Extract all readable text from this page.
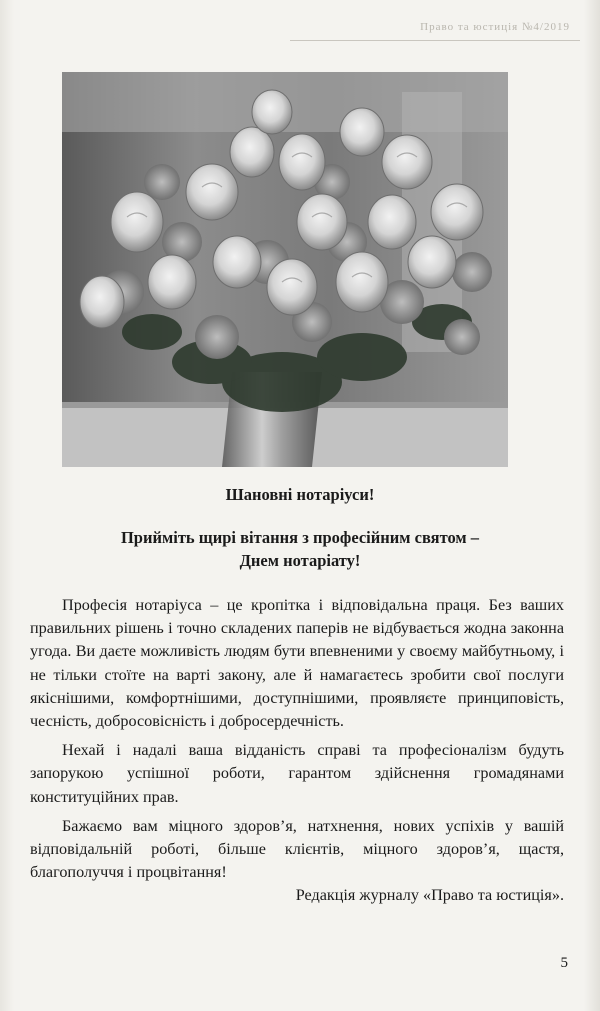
Право та юстиція №4/2019

Шановні нотаріуси!

Прийміть щирі вітання з професійним святом –

Днем нотаріату!

Професія нотаріуса – це кропітка і відповідальна праця. Без ваших правильних рішень і точно складених паперів не відбувається жодна законна угода. Ви даєте можливість людям бути впевненими у своєму майбутньому, і не тільки стоїте на варті закону, але й намагаєтесь зробити свої послуги якіснішими, комфортнішими, доступнішими, проявляєте принциповість, чесність, добросовісність і доброcердечність.

Нехай і надалі ваша відданість справі та професіоналізм будуть запорукою успішної роботи, гарантом здійснення громадянами конституційних прав.

Бажаємо вам міцного здоров’я, натхнення, нових успіхів у вашій відповідальній роботі, більше клієнтів, міцного здоров’я, щастя, благополуччя і процвітання!

Редакція журналу «Право та юстиція».

5
